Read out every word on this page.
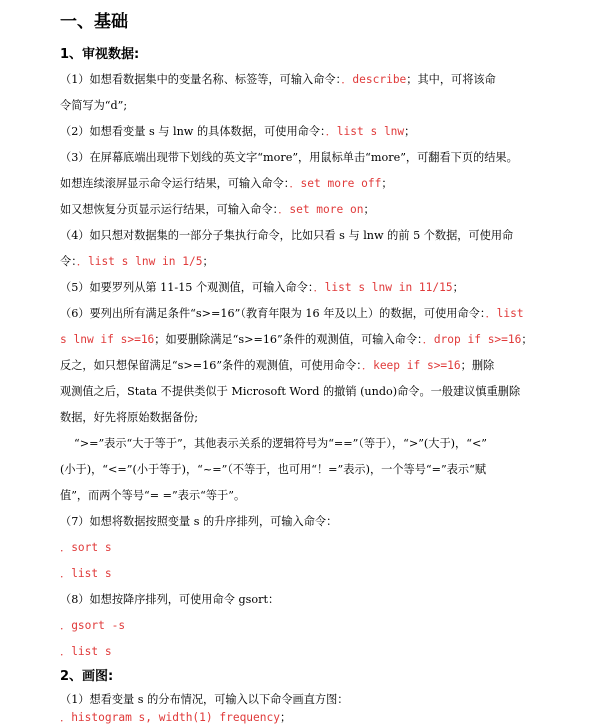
一、基础
1、审视数据:
（1）如想看数据集中的变量名称、标签等，可输入命令：．describe；其中，可将该命
令简写为“d”;
（2）如想看变量 s 与 lnw 的具体数据，可使用命令：．list s lnw；
（3）在屏幕底端出现带下划线的英文字“more”，用鼠标单击“more”，可翻看下页的结果。
如想连续滚屏显示命令运行结果，可输入命令：．set more off；
如又想恢复分页显示运行结果，可输入命令：．set more on；
（4）如只想对数据集的一部分子集执行命令，比如只看 s 与 lnw 的前 5 个数据，可使用命
令：．list s lnw in 1/5；
（5）如要罗列从第 11-15 个观测值，可输入命令：．list s lnw in 11/15；
（6）要列出所有满足条件“s>=16”（教育年限为 16 年及以上）的数据，可使用命令：．list
s lnw if s>=16；如要删除满足“s>=16”条件的观测值，可输入命令：．drop if s>=16；
反之，如只想保留满足“s>=16”条件的观测值，可使用命令：．keep if s>=16；删除
观测值之后，Stata 不提供类似于 Microsoft Word 的撤销 (undo)命令。一般建议慎重删除
数据，好先将原始数据备份;
“>=”表示“大于等于”，其他表示关系的逻辑符号为“==”（等于），“>”(大于)，“<”
(小于)，“<=”(小于等于)，“~=”（不等于，也可用“！=”表示)，一个等号“=”表示“赋
值”，而两个等号“= =”表示“等于”。
（7）如想将数据按照变量 s 的升序排列，可输入命令：
．sort s
．list s
（8）如想按降序排列，可使用命令 gsort：
．gsort -s
．list s
2、画图:
（1）想看变量 s 的分布情况，可输入以下命令画直方图：
．histogram s, width(1) frequency；
